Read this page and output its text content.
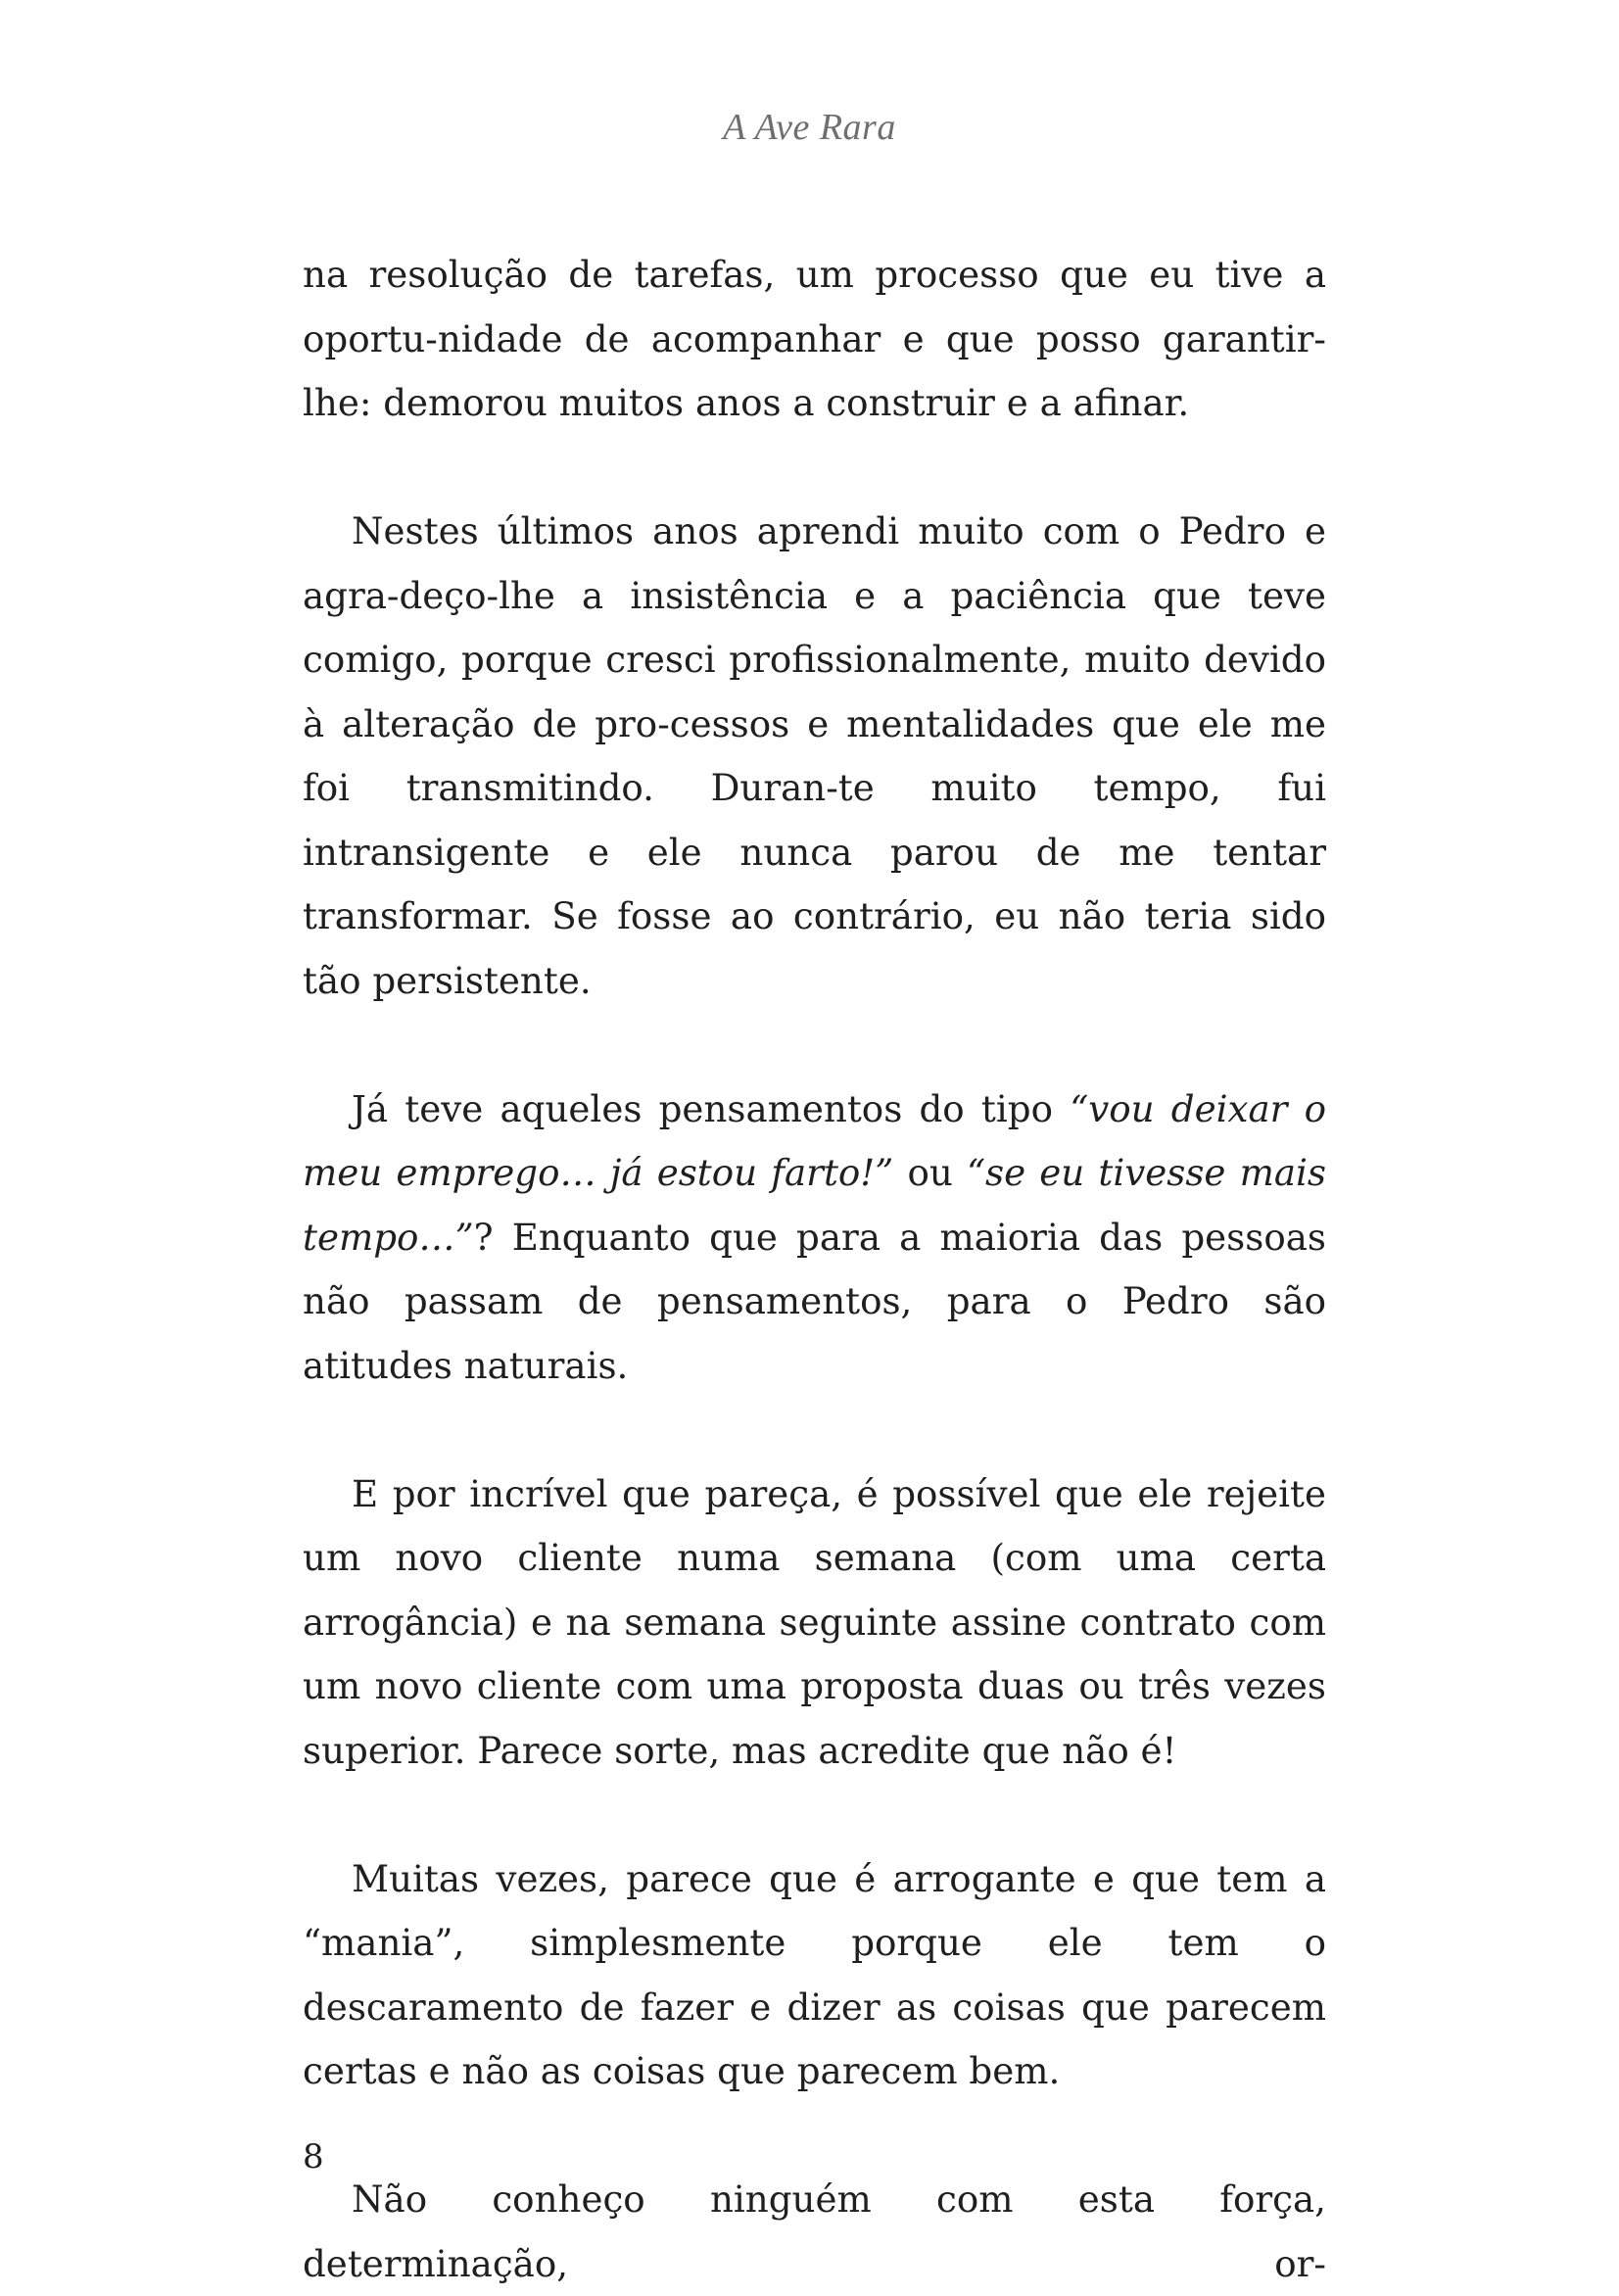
A Ave Rara

na resolução de tarefas, um processo que eu tive a oportu-nidade de acompanhar e que posso garantir-lhe: demorou muitos anos a construir e a afinar.

Nestes últimos anos aprendi muito com o Pedro e agra-deço-lhe a insistência e a paciência que teve comigo, porque cresci profissionalmente, muito devido à alteração de pro-cessos e mentalidades que ele me foi transmitindo. Duran-te muito tempo, fui intransigente e ele nunca parou de me tentar transformar. Se fosse ao contrário, eu não teria sido tão persistente.

Já teve aqueles pensamentos do tipo “vou deixar o meu emprego… já estou farto!” ou “se eu tivesse mais tempo…”? Enquanto que para a maioria das pessoas não passam de pensamentos, para o Pedro são atitudes naturais.

E por incrível que pareça, é possível que ele rejeite um novo cliente numa semana (com uma certa arrogância) e na semana seguinte assine contrato com um novo cliente com uma proposta duas ou três vezes superior. Parece sorte, mas acredite que não é!

Muitas vezes, parece que é arrogante e que tem a “mania”, simplesmente porque ele tem o descaramento de fazer e dizer as coisas que parecem certas e não as coisas que parecem bem.

Não conheço ninguém com esta força, determinação, or-

8
